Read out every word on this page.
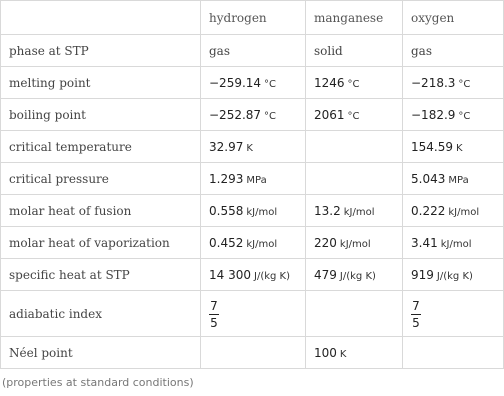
	hydrogen	manganese	oxygen
phase at STP	gas	solid	gas
melting point	−259.14 °C	1246 °C	−218.3 °C
boiling point	−252.87 °C	2061 °C	−182.9 °C
critical temperature	32.97 K		154.59 K
critical pressure	1.293 MPa		5.043 MPa
molar heat of fusion	0.558 kJ/mol	13.2 kJ/mol	0.222 kJ/mol
molar heat of vaporization	0.452 kJ/mol	220 kJ/mol	3.41 kJ/mol
specific heat at STP	14 300 J/(kg K)	479 J/(kg K)	919 J/(kg K)
adiabatic index	$\frac{7}{5}$		$\frac{7}{5}$

Néel point		100 K	
(properties at standard conditions)
